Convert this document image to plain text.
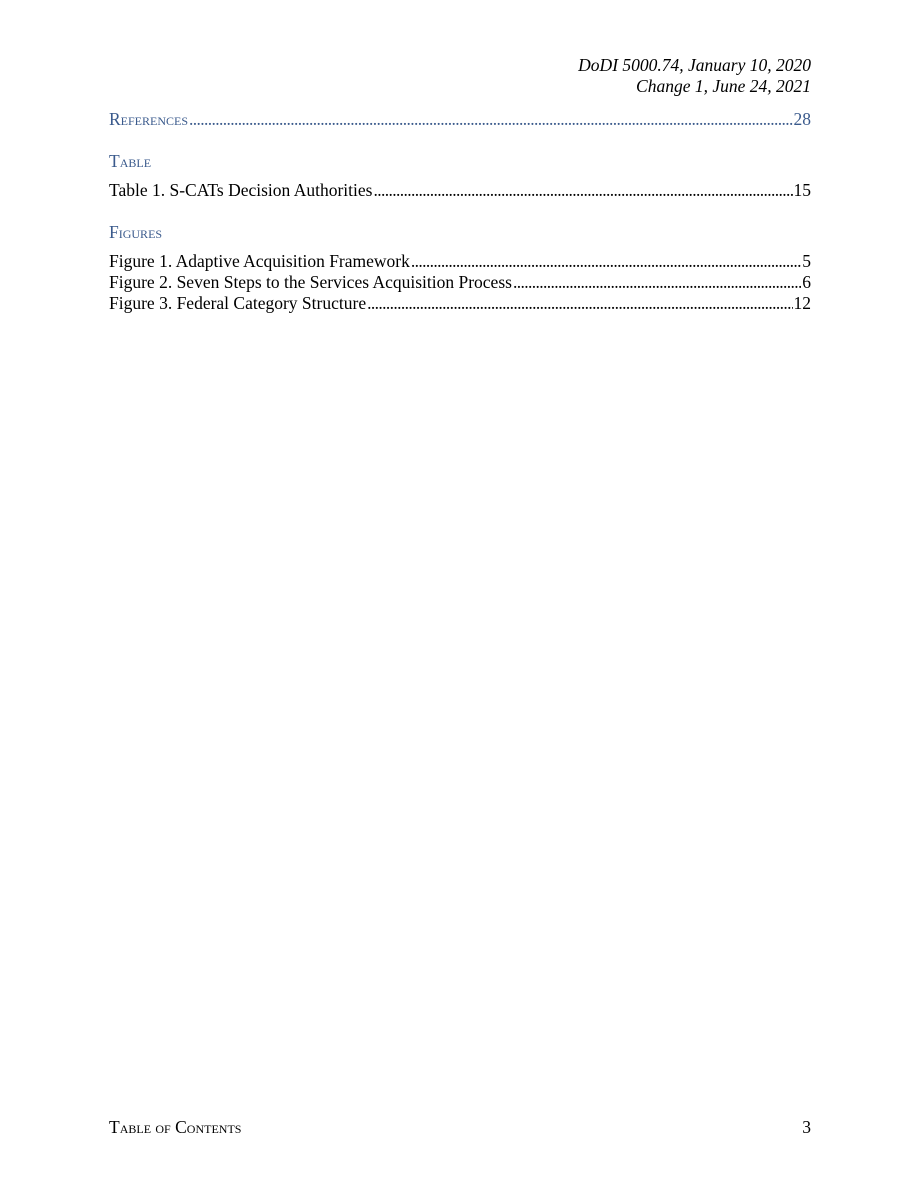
DoDI 5000.74, January 10, 2020
Change 1, June 24, 2021
References . . .	28
Table
Table 1. S-CATs Decision Authorities . . .	15
Figures
Figure 1. Adaptive Acquisition Framework . . .	5
Figure 2. Seven Steps to the Services Acquisition Process . . .	6
Figure 3. Federal Category Structure . . .	12
Table of Contents	3
